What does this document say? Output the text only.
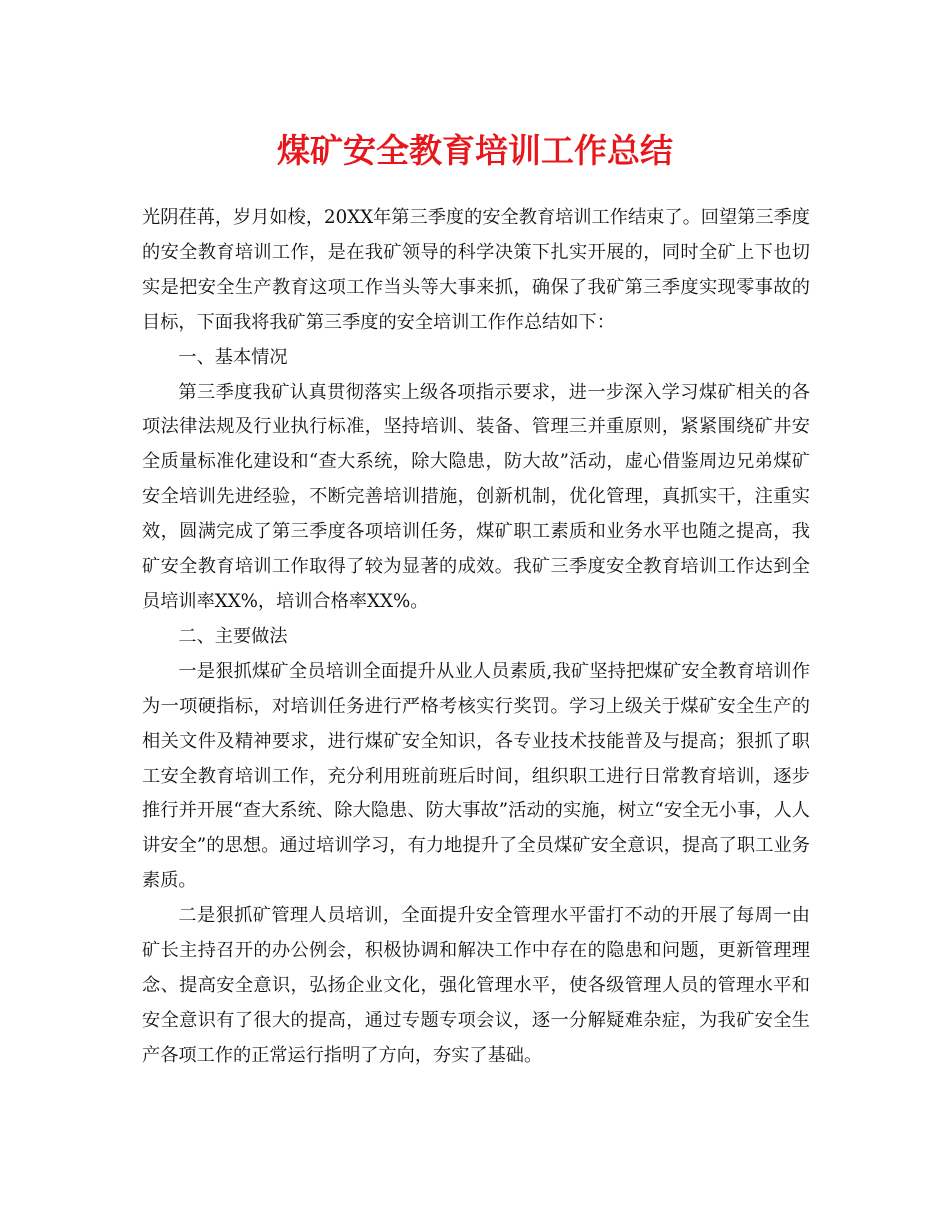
煤矿安全教育培训工作总结

光阴荏苒，岁月如梭，20XX年第三季度的安全教育培训工作结束了。回望第三季度的安全教育培训工作，是在我矿领导的科学决策下扎实开展的，同时全矿上下也切实是把安全生产教育这项工作当头等大事来抓，确保了我矿第三季度实现零事故的目标，下面我将我矿第三季度的安全培训工作作总结如下：

一、基本情况

第三季度我矿认真贯彻落实上级各项指示要求，进一步深入学习煤矿相关的各项法律法规及行业执行标准，坚持培训、装备、管理三并重原则，紧紧围绕矿井安全质量标准化建设和“查大系统，除大隐患，防大故”活动，虚心借鉴周边兄弟煤矿安全培训先进经验，不断完善培训措施，创新机制，优化管理，真抓实干，注重实效，圆满完成了第三季度各项培训任务，煤矿职工素质和业务水平也随之提高，我矿安全教育培训工作取得了较为显著的成效。我矿三季度安全教育培训工作达到全员培训率XX%，培训合格率XX%。

二、主要做法

一是狠抓煤矿全员培训全面提升从业人员素质,我矿坚持把煤矿安全教育培训作为一项硬指标，对培训任务进行严格考核实行奖罚。学习上级关于煤矿安全生产的相关文件及精神要求，进行煤矿安全知识，各专业技术技能普及与提高；狠抓了职工安全教育培训工作，充分利用班前班后时间，组织职工进行日常教育培训，逐步推行并开展“查大系统、除大隐患、防大事故”活动的实施，树立“安全无小事，人人讲安全”的思想。通过培训学习，有力地提升了全员煤矿安全意识，提高了职工业务素质。

二是狠抓矿管理人员培训，全面提升安全管理水平雷打不动的开展了每周一由矿长主持召开的办公例会，积极协调和解决工作中存在的隐患和问题，更新管理理念、提高安全意识，弘扬企业文化，强化管理水平，使各级管理人员的管理水平和安全意识有了很大的提高，通过专题专项会议，逐一分解疑难杂症，为我矿安全生产各项工作的正常运行指明了方向，夯实了基础。
